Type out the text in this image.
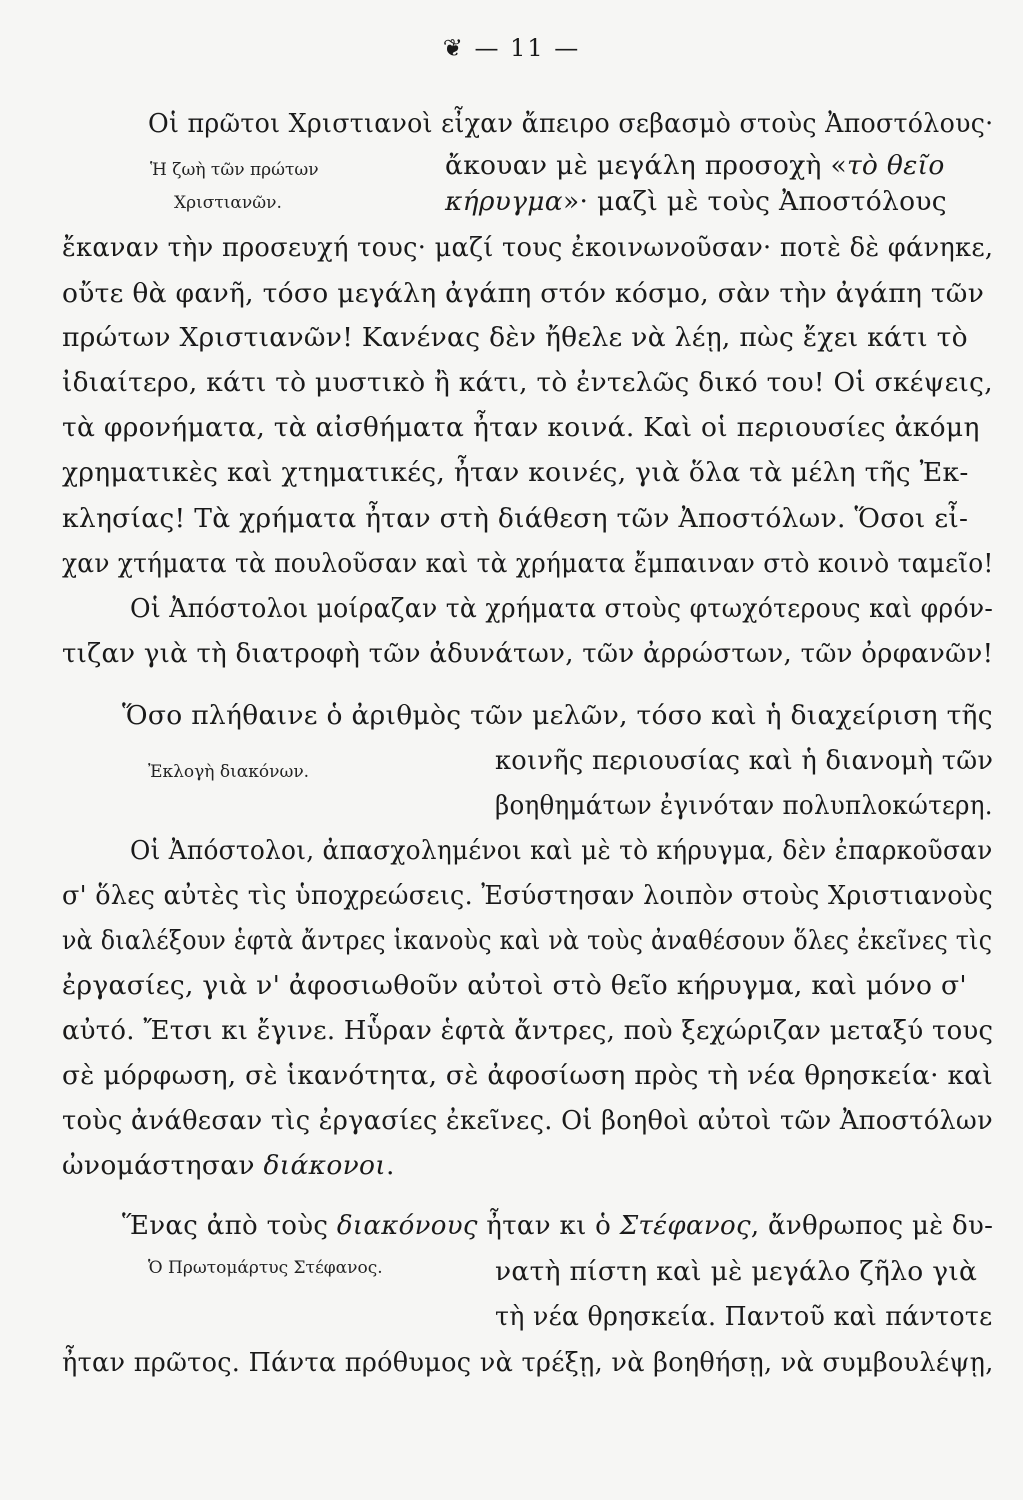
❦ — 11 —
Ἡ ζωὴ τῶν πρώτων
Χριστιανῶν.
Ἐκλογὴ διακόνων.
Ὁ Πρωτομάρτυς Στέφανος.
Οἱ πρῶτοι Χριστιανοὶ εἶχαν ἄπειρο σεβασμὸ στοὺς Ἀποστόλους·
ἄκουαν μὲ μεγάλη προσοχὴ «τὸ θεῖο
κήρυγμα»· μαζὶ μὲ τοὺς Ἀποστόλους
ἔκαναν τὴν προσευχή τους· μαζί τους ἐκοινωνοῦσαν· ποτὲ δὲ φάνηκε,
οὔτε θὰ φανῆ, τόσο μεγάλη ἀγάπη στόν κόσμο, σὰν τὴν ἀγάπη τῶν
πρώτων Χριστιανῶν! Κανένας δὲν ἤθελε νὰ λέῃ, πὼς ἔχει κάτι τὸ
ἰδιαίτερο, κάτι τὸ μυστικὸ ἢ κάτι, τὸ ἐντελῶς δικό του! Οἱ σκέψεις,
τὰ φρονήματα, τὰ αἰσθήματα ἦταν κοινά. Καὶ οἱ περιουσίες ἀκόμη
χρηματικὲς καὶ χτηματικές, ἦταν κοινές, γιὰ ὅλα τὰ μέλη τῆς Ἐκ-
κλησίας! Τὰ χρήματα ἦταν στὴ διάθεση τῶν Ἀποστόλων. Ὅσοι εἶ-
χαν χτήματα τὰ πουλοῦσαν καὶ τὰ χρήματα ἔμπαιναν στὸ κοινὸ ταμεῖο!
Οἱ Ἀπόστολοι μοίραζαν τὰ χρήματα στοὺς φτωχότερους καὶ φρόν-
τιζαν γιὰ τὴ διατροφὴ τῶν ἀδυνάτων, τῶν ἀρρώστων, τῶν ὀρφανῶν!
Ὅσο πλήθαινε ὁ ἀριθμὸς τῶν μελῶν, τόσο καὶ ἡ διαχείριση τῆς
κοινῆς περιουσίας καὶ ἡ διανομὴ τῶν
βοηθημάτων ἐγινόταν πολυπλοκώτερη.
Οἱ Ἀπόστολοι, ἀπασχολημένοι καὶ μὲ τὸ κήρυγμα, δὲν ἐπαρκοῦσαν
σ' ὅλες αὐτὲς τὶς ὑποχρεώσεις. Ἐσύστησαν λοιπὸν στοὺς Χριστιανοὺς
νὰ διαλέξουν ἑφτὰ ἄντρες ἱκανοὺς καὶ νὰ τοὺς ἀναθέσουν ὅλες ἐκεῖνες τὶς
ἐργασίες, γιὰ ν' ἀφοσιωθοῦν αὐτοὶ στὸ θεῖο κήρυγμα, καὶ μόνο σ'
αὐτό. Ἔτσι κι ἔγινε. Ηὗραν ἑφτὰ ἄντρες, ποὺ ξεχώριζαν μεταξύ τους
σὲ μόρφωση, σὲ ἱκανότητα, σὲ ἀφοσίωση πρὸς τὴ νέα θρησκεία· καὶ
τοὺς ἀνάθεσαν τὶς ἐργασίες ἐκεῖνες. Οἱ βοηθοὶ αὐτοὶ τῶν Ἀποστόλων
ὠνομάστησαν διάκονοι.
Ἕνας ἀπὸ τοὺς διακόνους ἦταν κι ὁ Στέφανος, ἄνθρωπος μὲ δυ-
νατὴ πίστη καὶ μὲ μεγάλο ζῆλο γιὰ
τὴ νέα θρησκεία. Παντοῦ καὶ πάντοτε
ἦταν πρῶτος. Πάντα πρόθυμος νὰ τρέξῃ, νὰ βοηθήσῃ, νὰ συμβουλέψῃ,
